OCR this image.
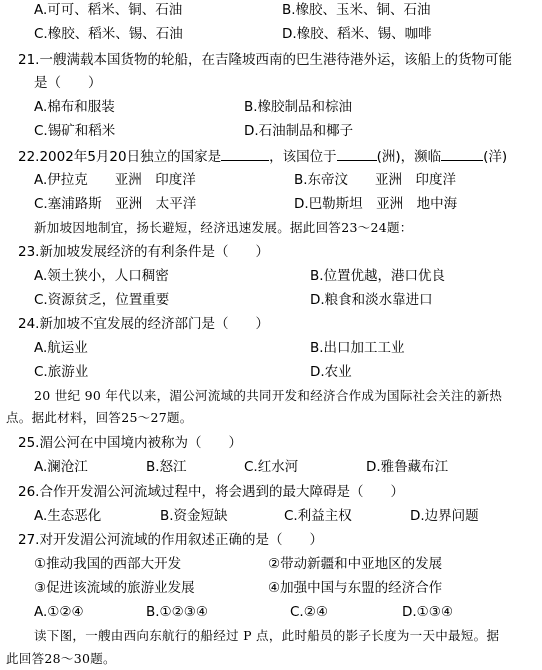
A.可可、稻米、铜、石油	B.橡胶、玉米、铜、石油
C.橡胶、稻米、锡、石油	D.橡胶、稻米、锡、咖啡
21.一艘满载本国货物的轮船，在吉隆坡西南的巴生港待港外运，该船上的货物可能
是（　　）
A.棉布和服装	B.橡胶制品和棕油
C.锡矿和稻米	D.石油制品和椰子
22.2002年5月20日独立的国家是	，该国位于	(洲)，濒临	(洋)
A.伊拉克　　亚洲　印度洋	B.东帝汶　　亚洲　印度洋
C.塞浦路斯　亚洲　太平洋	D.巴勒斯坦　亚洲　地中海
新加坡因地制宜，扬长避短，经济迅速发展。据此回答23～24题：
23.新加坡发展经济的有利条件是（　　）
A.领土狭小，人口稠密	B.位置优越，港口优良
C.资源贫乏，位置重要	D.粮食和淡水靠进口
24.新加坡不宜发展的经济部门是（　　）
A.航运业	B.出口加工工业
C.旅游业	D.农业
20 世纪 90 年代以来，湄公河流域的共同开发和经济合作成为国际社会关注的新热
点。据此材料，回答25～27题。
25.湄公河在中国境内被称为（　　）
A.澜沧江	B.怒江	C.红水河	D.雅鲁藏布江
26.合作开发湄公河流域过程中，将会遇到的最大障碍是（　　）
A.生态恶化	B.资金短缺	C.利益主权	D.边界问题
27.对开发湄公河流域的作用叙述正确的是（　　）
①推动我国的西部大开发	②带动新疆和中亚地区的发展
③促进该流域的旅游业发展	④加强中国与东盟的经济合作
A.①②④	B.①②③④	C.②④	D.①③④
读下图，一艘由西向东航行的船经过 P 点，此时船员的影子长度为一天中最短。据
此回答28～30题。
